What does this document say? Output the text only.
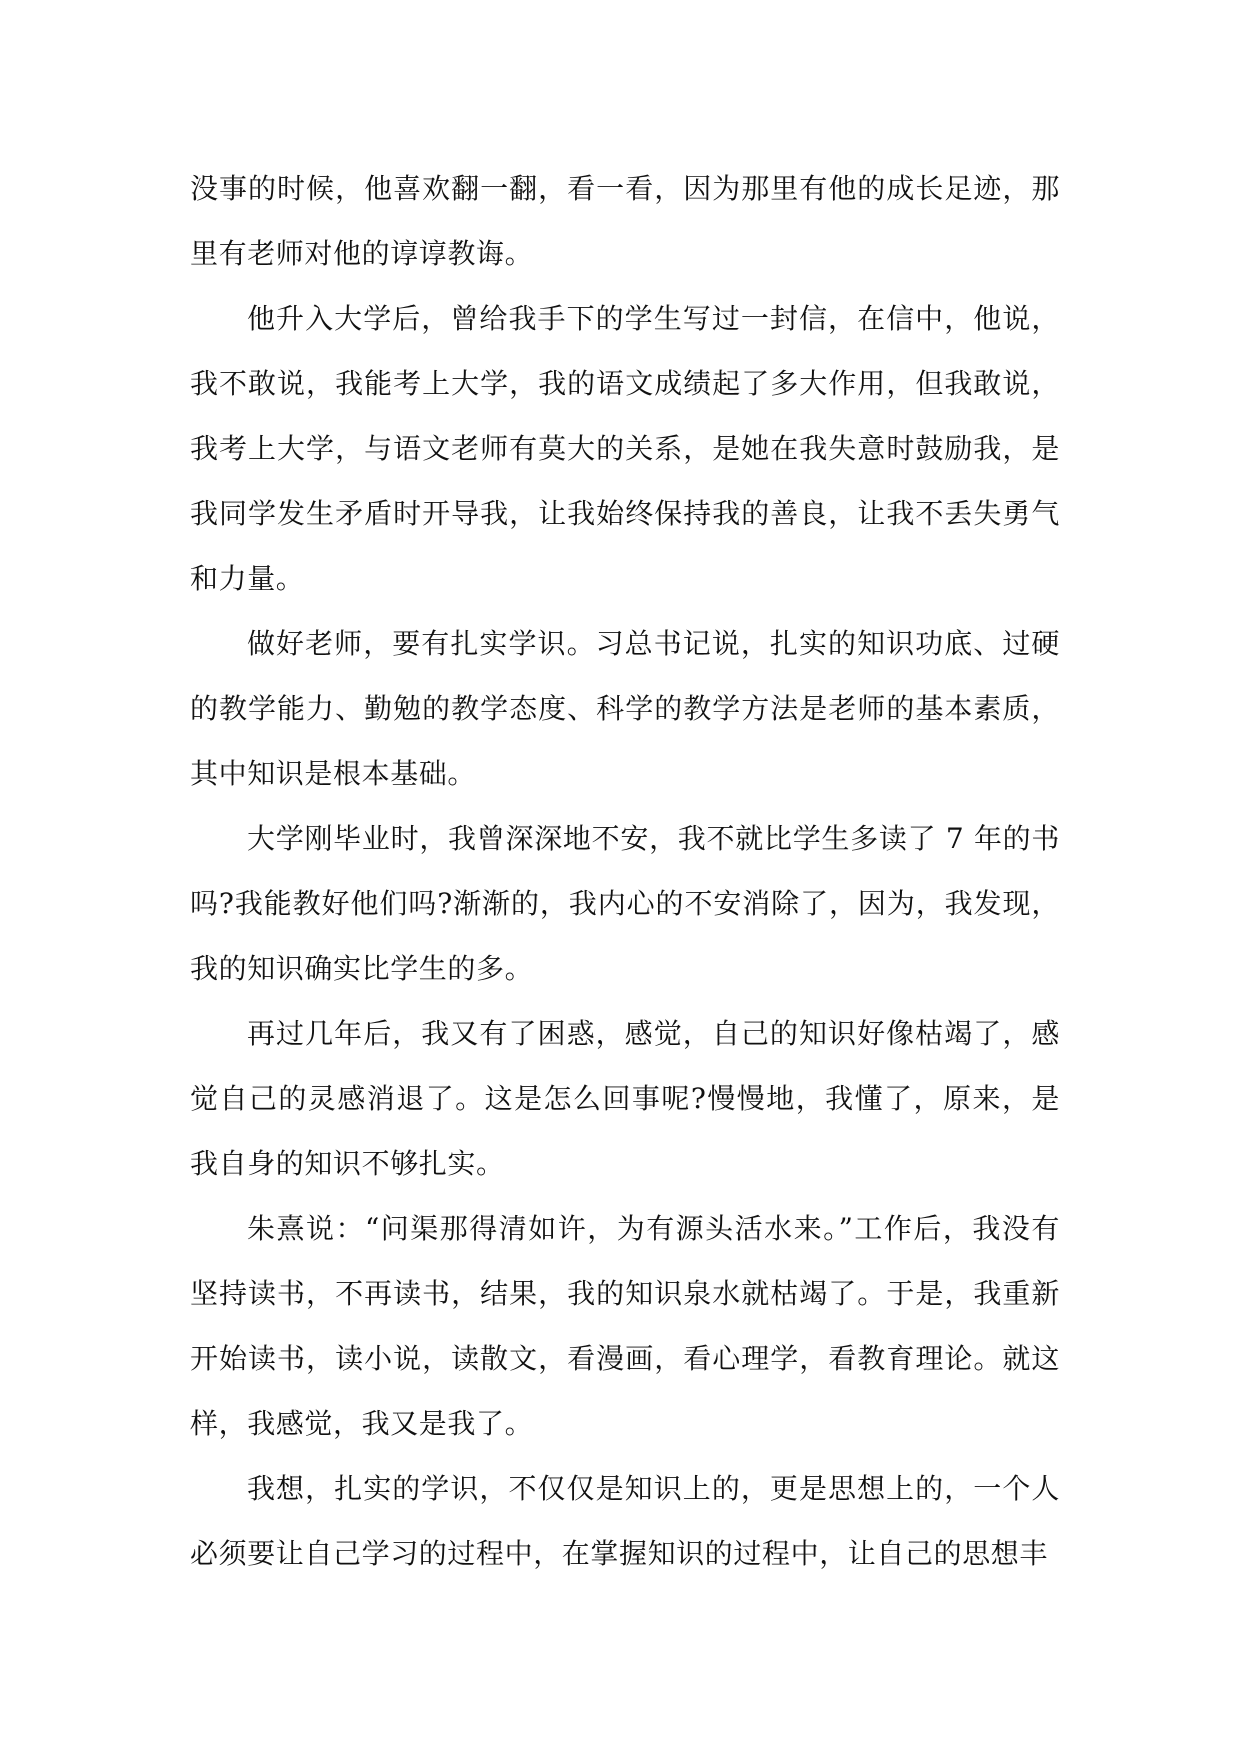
没事的时候，他喜欢翻一翻，看一看，因为那里有他的成长足迹，那里有老师对他的谆谆教诲。

他升入大学后，曾给我手下的学生写过一封信，在信中，他说，我不敢说，我能考上大学，我的语文成绩起了多大作用，但我敢说，我考上大学，与语文老师有莫大的关系，是她在我失意时鼓励我，是我同学发生矛盾时开导我，让我始终保持我的善良，让我不丢失勇气和力量。

做好老师，要有扎实学识。习总书记说，扎实的知识功底、过硬的教学能力、勤勉的教学态度、科学的教学方法是老师的基本素质，其中知识是根本基础。

大学刚毕业时，我曾深深地不安，我不就比学生多读了 7 年的书吗?我能教好他们吗?渐渐的，我内心的不安消除了，因为，我发现，我的知识确实比学生的多。

再过几年后，我又有了困惑，感觉，自己的知识好像枯竭了，感觉自己的灵感消退了。这是怎么回事呢?慢慢地，我懂了，原来，是我自身的知识不够扎实。

朱熹说：“问渠那得清如许，为有源头活水来。”工作后，我没有坚持读书，不再读书，结果，我的知识泉水就枯竭了。于是，我重新开始读书，读小说，读散文，看漫画，看心理学，看教育理论。就这样，我感觉，我又是我了。

我想，扎实的学识，不仅仅是知识上的，更是思想上的，一个人必须要让自己学习的过程中，在掌握知识的过程中，让自己的思想丰
